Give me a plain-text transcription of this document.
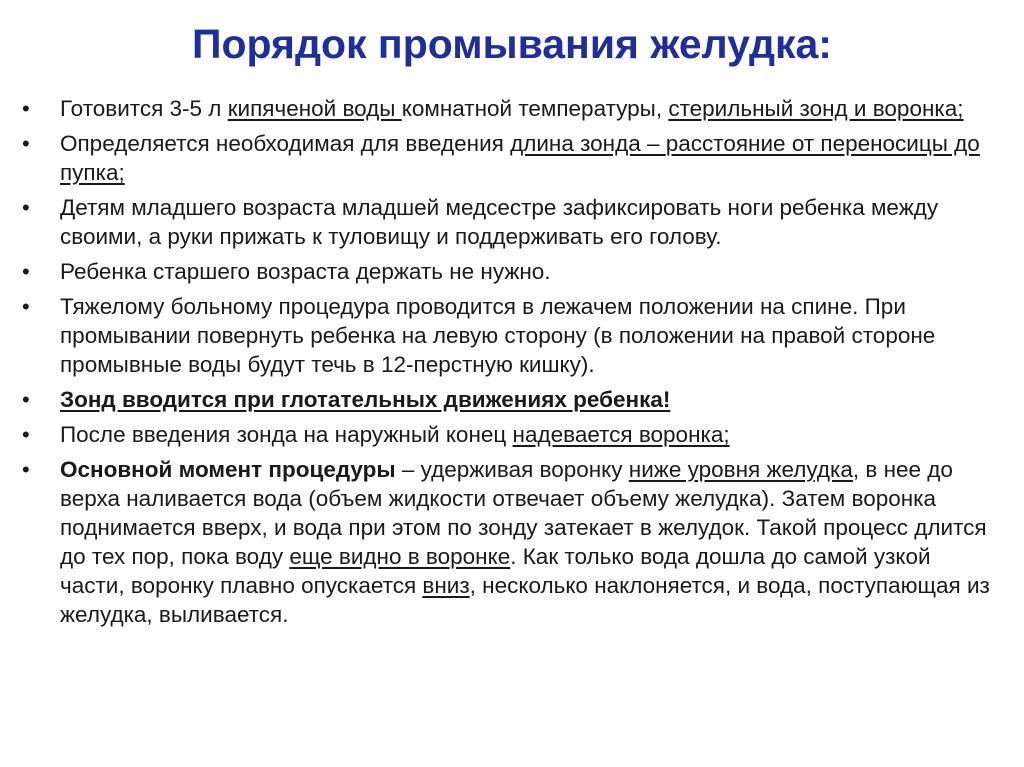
Порядок промывания желудка:
•	Готовится 3-5 л кипяченой воды комнатной температуры, стерильный зонд и воронка;
•	Определяется необходимая для введения длина зонда – расстояние от переносицы до пупка;
•	Детям младшего возраста младшей медсестре зафиксировать ноги ребенка между своими, а руки прижать к туловищу и поддерживать его голову.
•	Ребенка старшего возраста держать не нужно.
•	Тяжелому больному процедура проводится в лежачем положении на спине. При промывании повернуть ребенка на левую сторону (в положении на правой стороне промывные воды будут течь в 12-перстную кишку).
•	Зонд вводится при глотательных движениях ребенка!
•	После введения зонда на наружный конец надевается воронка;
•	Основной момент процедуры – удерживая воронку ниже уровня желудка, в нее до верха наливается вода (объем жидкости отвечает объему желудка). Затем воронка поднимается вверх, и вода при этом по зонду затекает в желудок. Такой процесс длится до тех пор, пока воду еще видно в воронке. Как только вода дошла до самой узкой части, воронку плавно опускается вниз, несколько наклоняется, и вода, поступающая из желудка, выливается.
